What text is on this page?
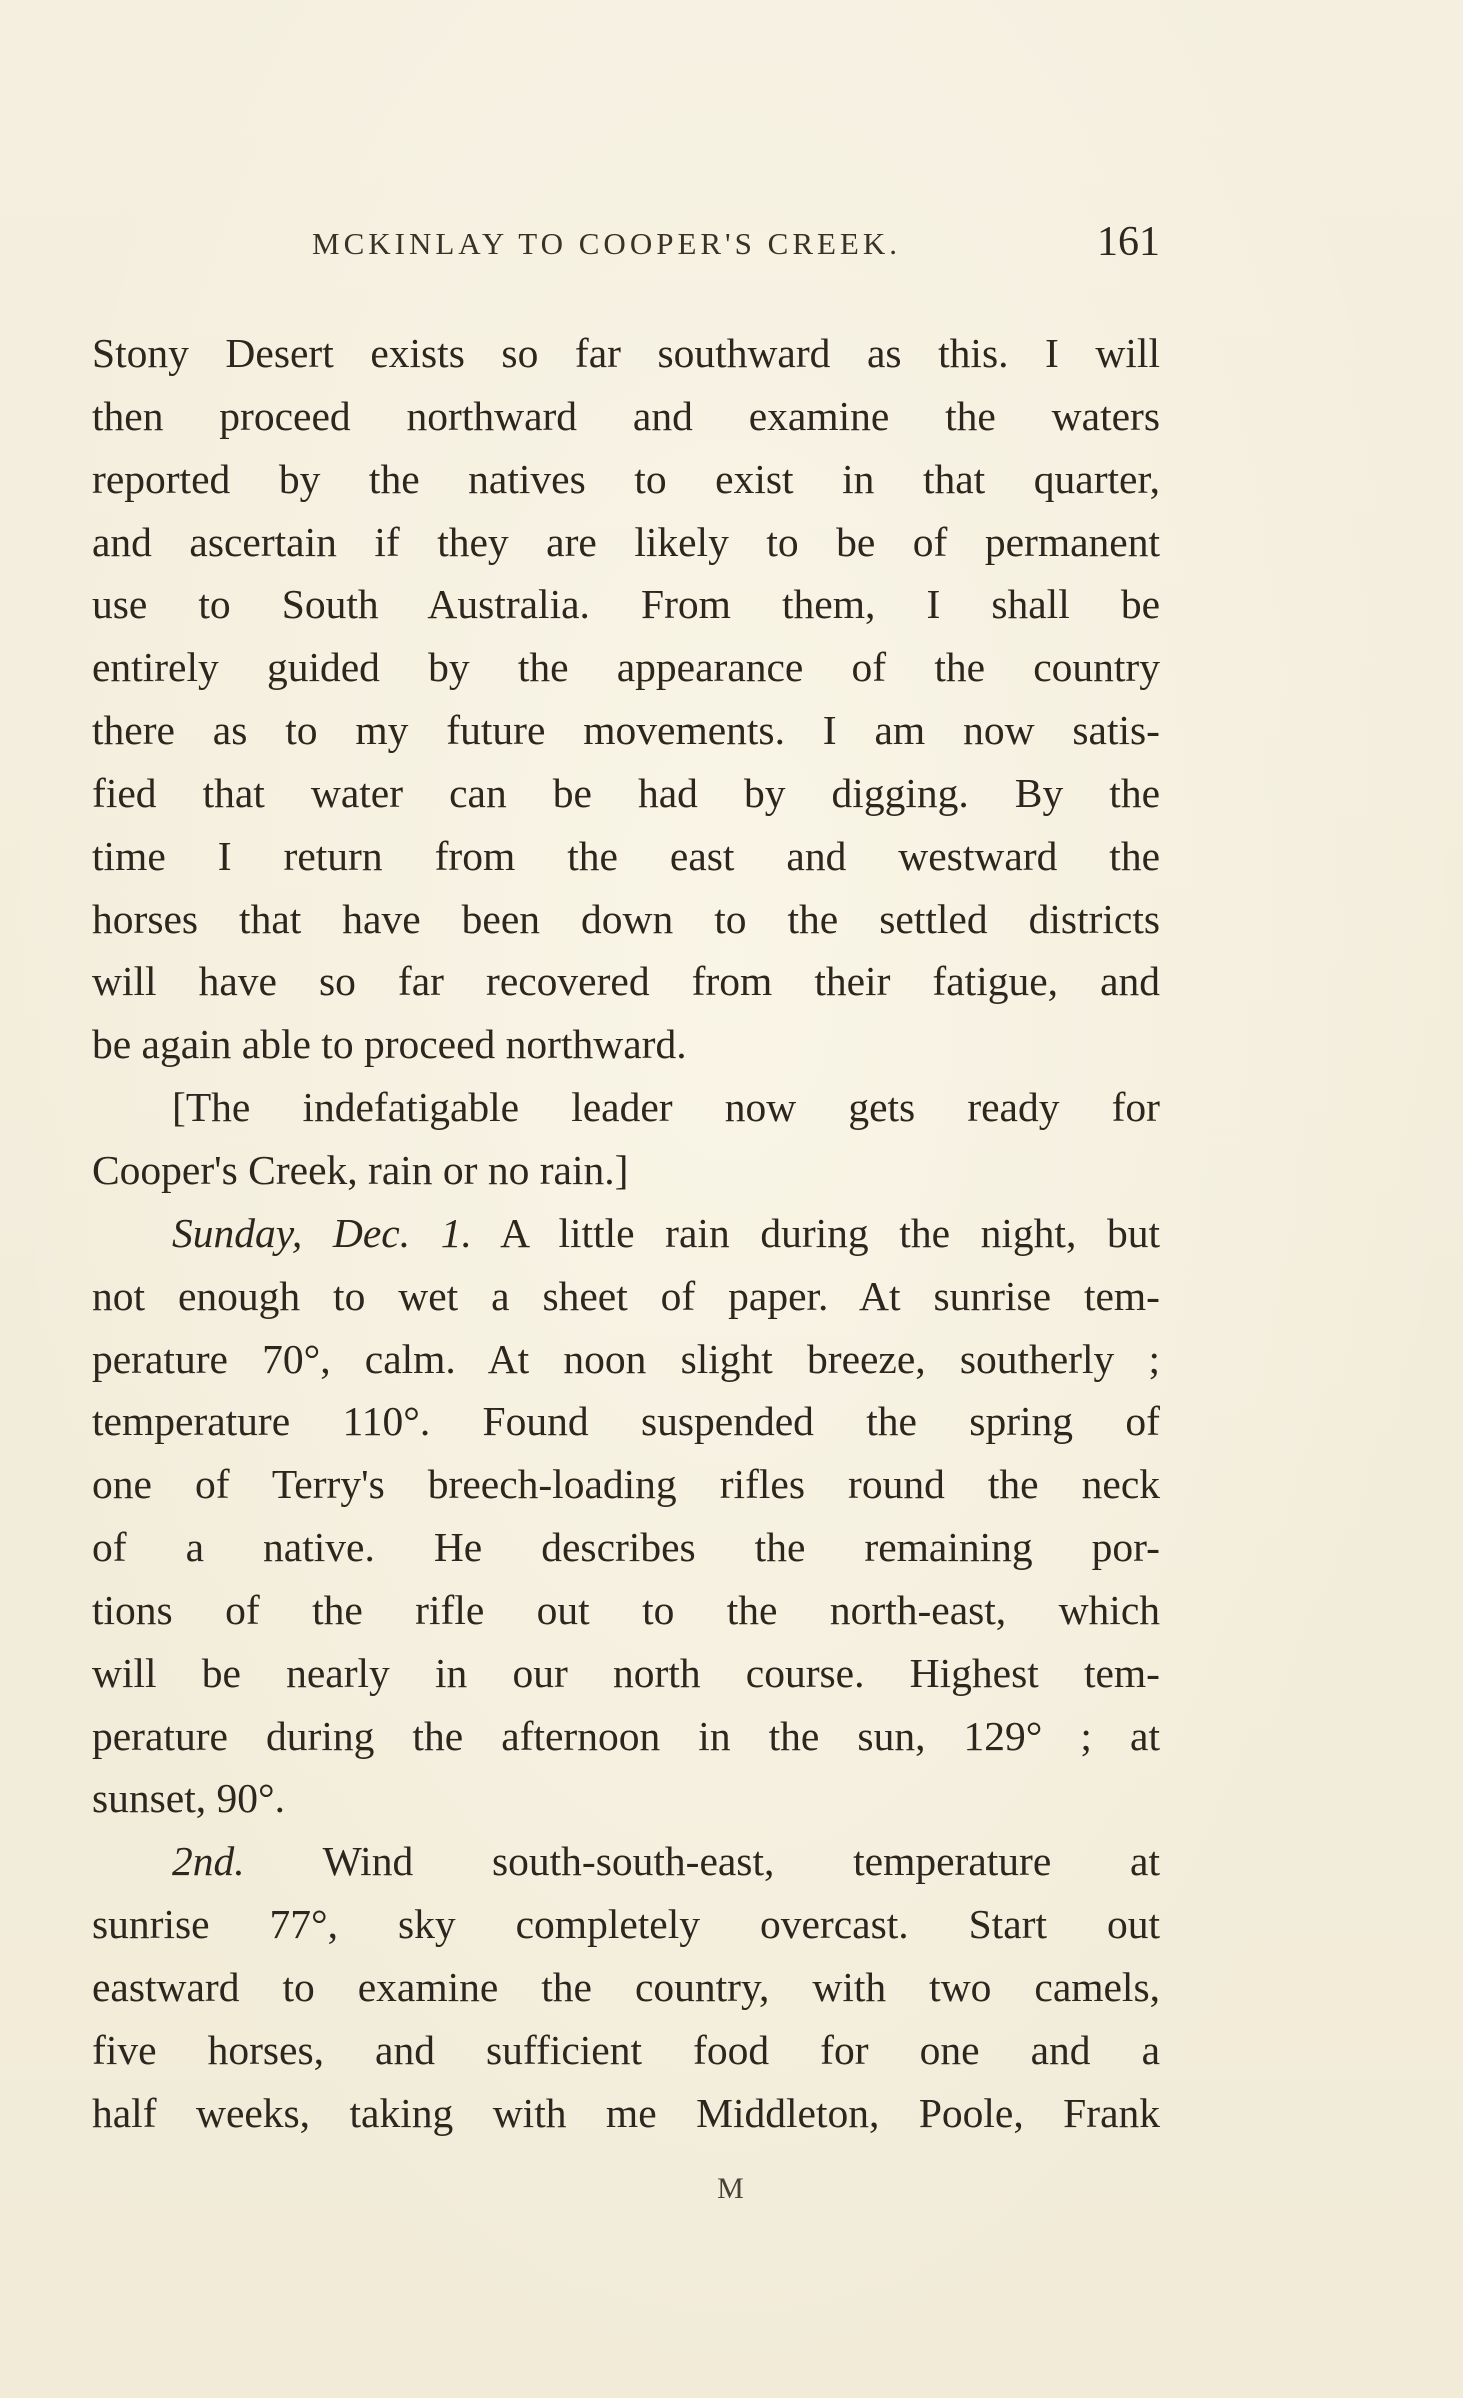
MCKINLAY TO COOPER'S CREEK.	161
Stony Desert exists so far southward as this. I will
then proceed northward and examine the waters
reported by the natives to exist in that quarter,
and ascertain if they are likely to be of permanent
use to South Australia. From them, I shall be
entirely guided by the appearance of the country
there as to my future movements. I am now satis-
fied that water can be had by digging. By the
time I return from the east and westward the
horses that have been down to the settled districts
will have so far recovered from their fatigue, and
be again able to proceed northward.
[The indefatigable leader now gets ready for
Cooper's Creek, rain or no rain.]
Sunday, Dec. 1. A little rain during the night, but
not enough to wet a sheet of paper. At sunrise tem-
perature 70°, calm. At noon slight breeze, southerly ;
temperature 110°. Found suspended the spring of
one of Terry's breech-loading rifles round the neck
of a native. He describes the remaining por-
tions of the rifle out to the north-east, which
will be nearly in our north course. Highest tem-
perature during the afternoon in the sun, 129° ; at
sunset, 90°.
2nd. Wind south-south-east, temperature at
sunrise 77°, sky completely overcast. Start out
eastward to examine the country, with two camels,
five horses, and sufficient food for one and a
half weeks, taking with me Middleton, Poole, Frank
M
